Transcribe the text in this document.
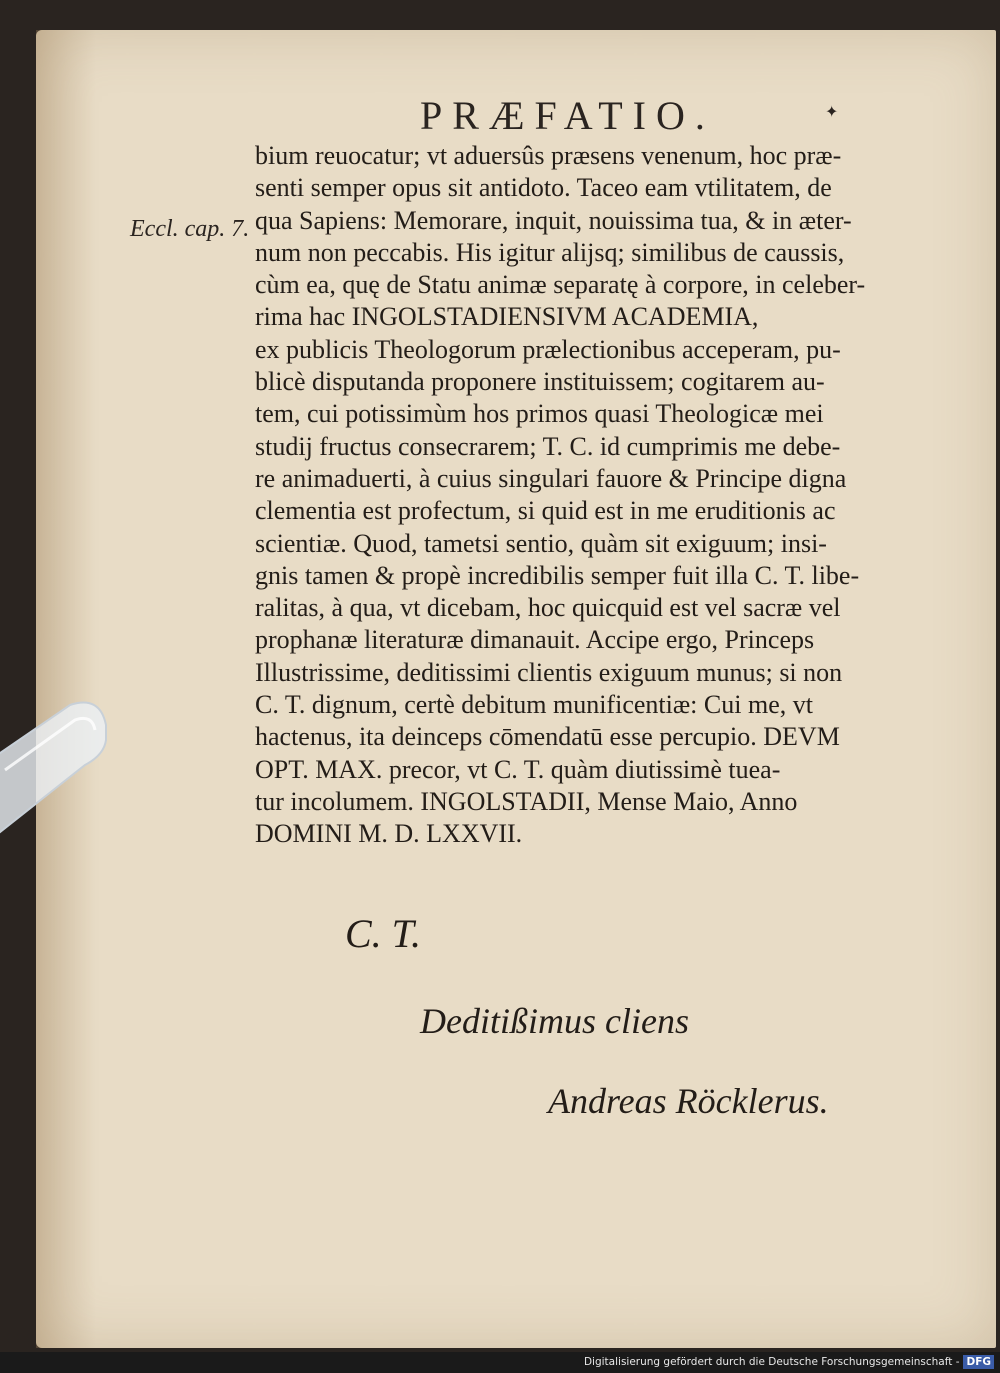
✦
PRÆFATIO.
Eccl. cap. 7.
bium reuocatur; vt aduersûs præsens venenum, hoc præ-
senti semper opus sit antidoto. Taceo eam vtilitatem, de
qua Sapiens: Memorare, inquit, nouissima tua, & in æter-
num non peccabis. His igitur alijsq; similibus de caussis,
cùm ea, quę de Statu animæ separatę à corpore, in celeber-
rima hac INGOLSTADIENSIVM ACADEMIA,
ex publicis Theologorum prælectionibus acceperam, pu-
blicè disputanda proponere instituissem; cogitarem au-
tem, cui potissimùm hos primos quasi Theologicæ mei
studij fructus consecrarem; T. C. id cumprimis me debe-
re animaduerti, à cuius singulari fauore & Principe digna
clementia est profectum, si quid est in me eruditionis ac
scientiæ. Quod, tametsi sentio, quàm sit exiguum; insi-
gnis tamen & propè incredibilis semper fuit illa C. T. libe-
ralitas, à qua, vt dicebam, hoc quicquid est vel sacræ vel
prophanæ literaturæ dimanauit. Accipe ergo, Princeps
Illustrissime, deditissimi clientis exiguum munus; si non
C. T. dignum, certè debitum munificentiæ: Cui me, vt
hactenus, ita deinceps cōmendatū esse percupio. DEVM
OPT. MAX. precor, vt C. T. quàm diutissimè tuea-
tur incolumem. INGOLSTADII, Mense Maio, Anno
DOMINI M. D. LXXVII.
C. T.
Deditißimus cliens
Andreas Röcklerus.
Digitalisierung gefördert durch die Deutsche Forschungsgemeinschaft - DFG
